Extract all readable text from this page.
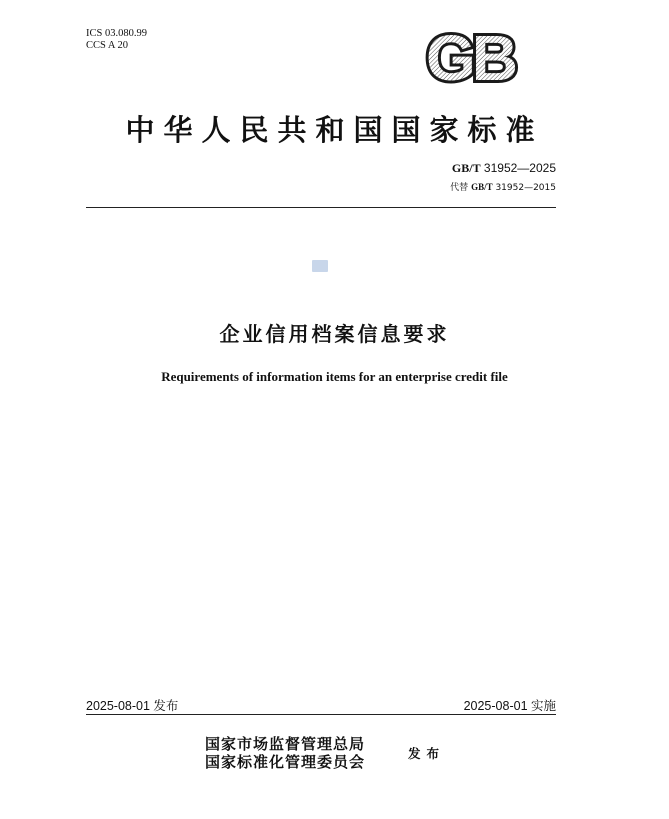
ICS 03.080.99
CCS A 20	GB
中华人民共和国国家标准
GB/T 31952—2025
代替 GB/T 31952—2015
企业信用档案信息要求
Requirements of information items for an enterprise credit file
2025-08-01 发布	2025-08-01 实施
国家市场监督管理总局
国家标准化管理委员会	发布
